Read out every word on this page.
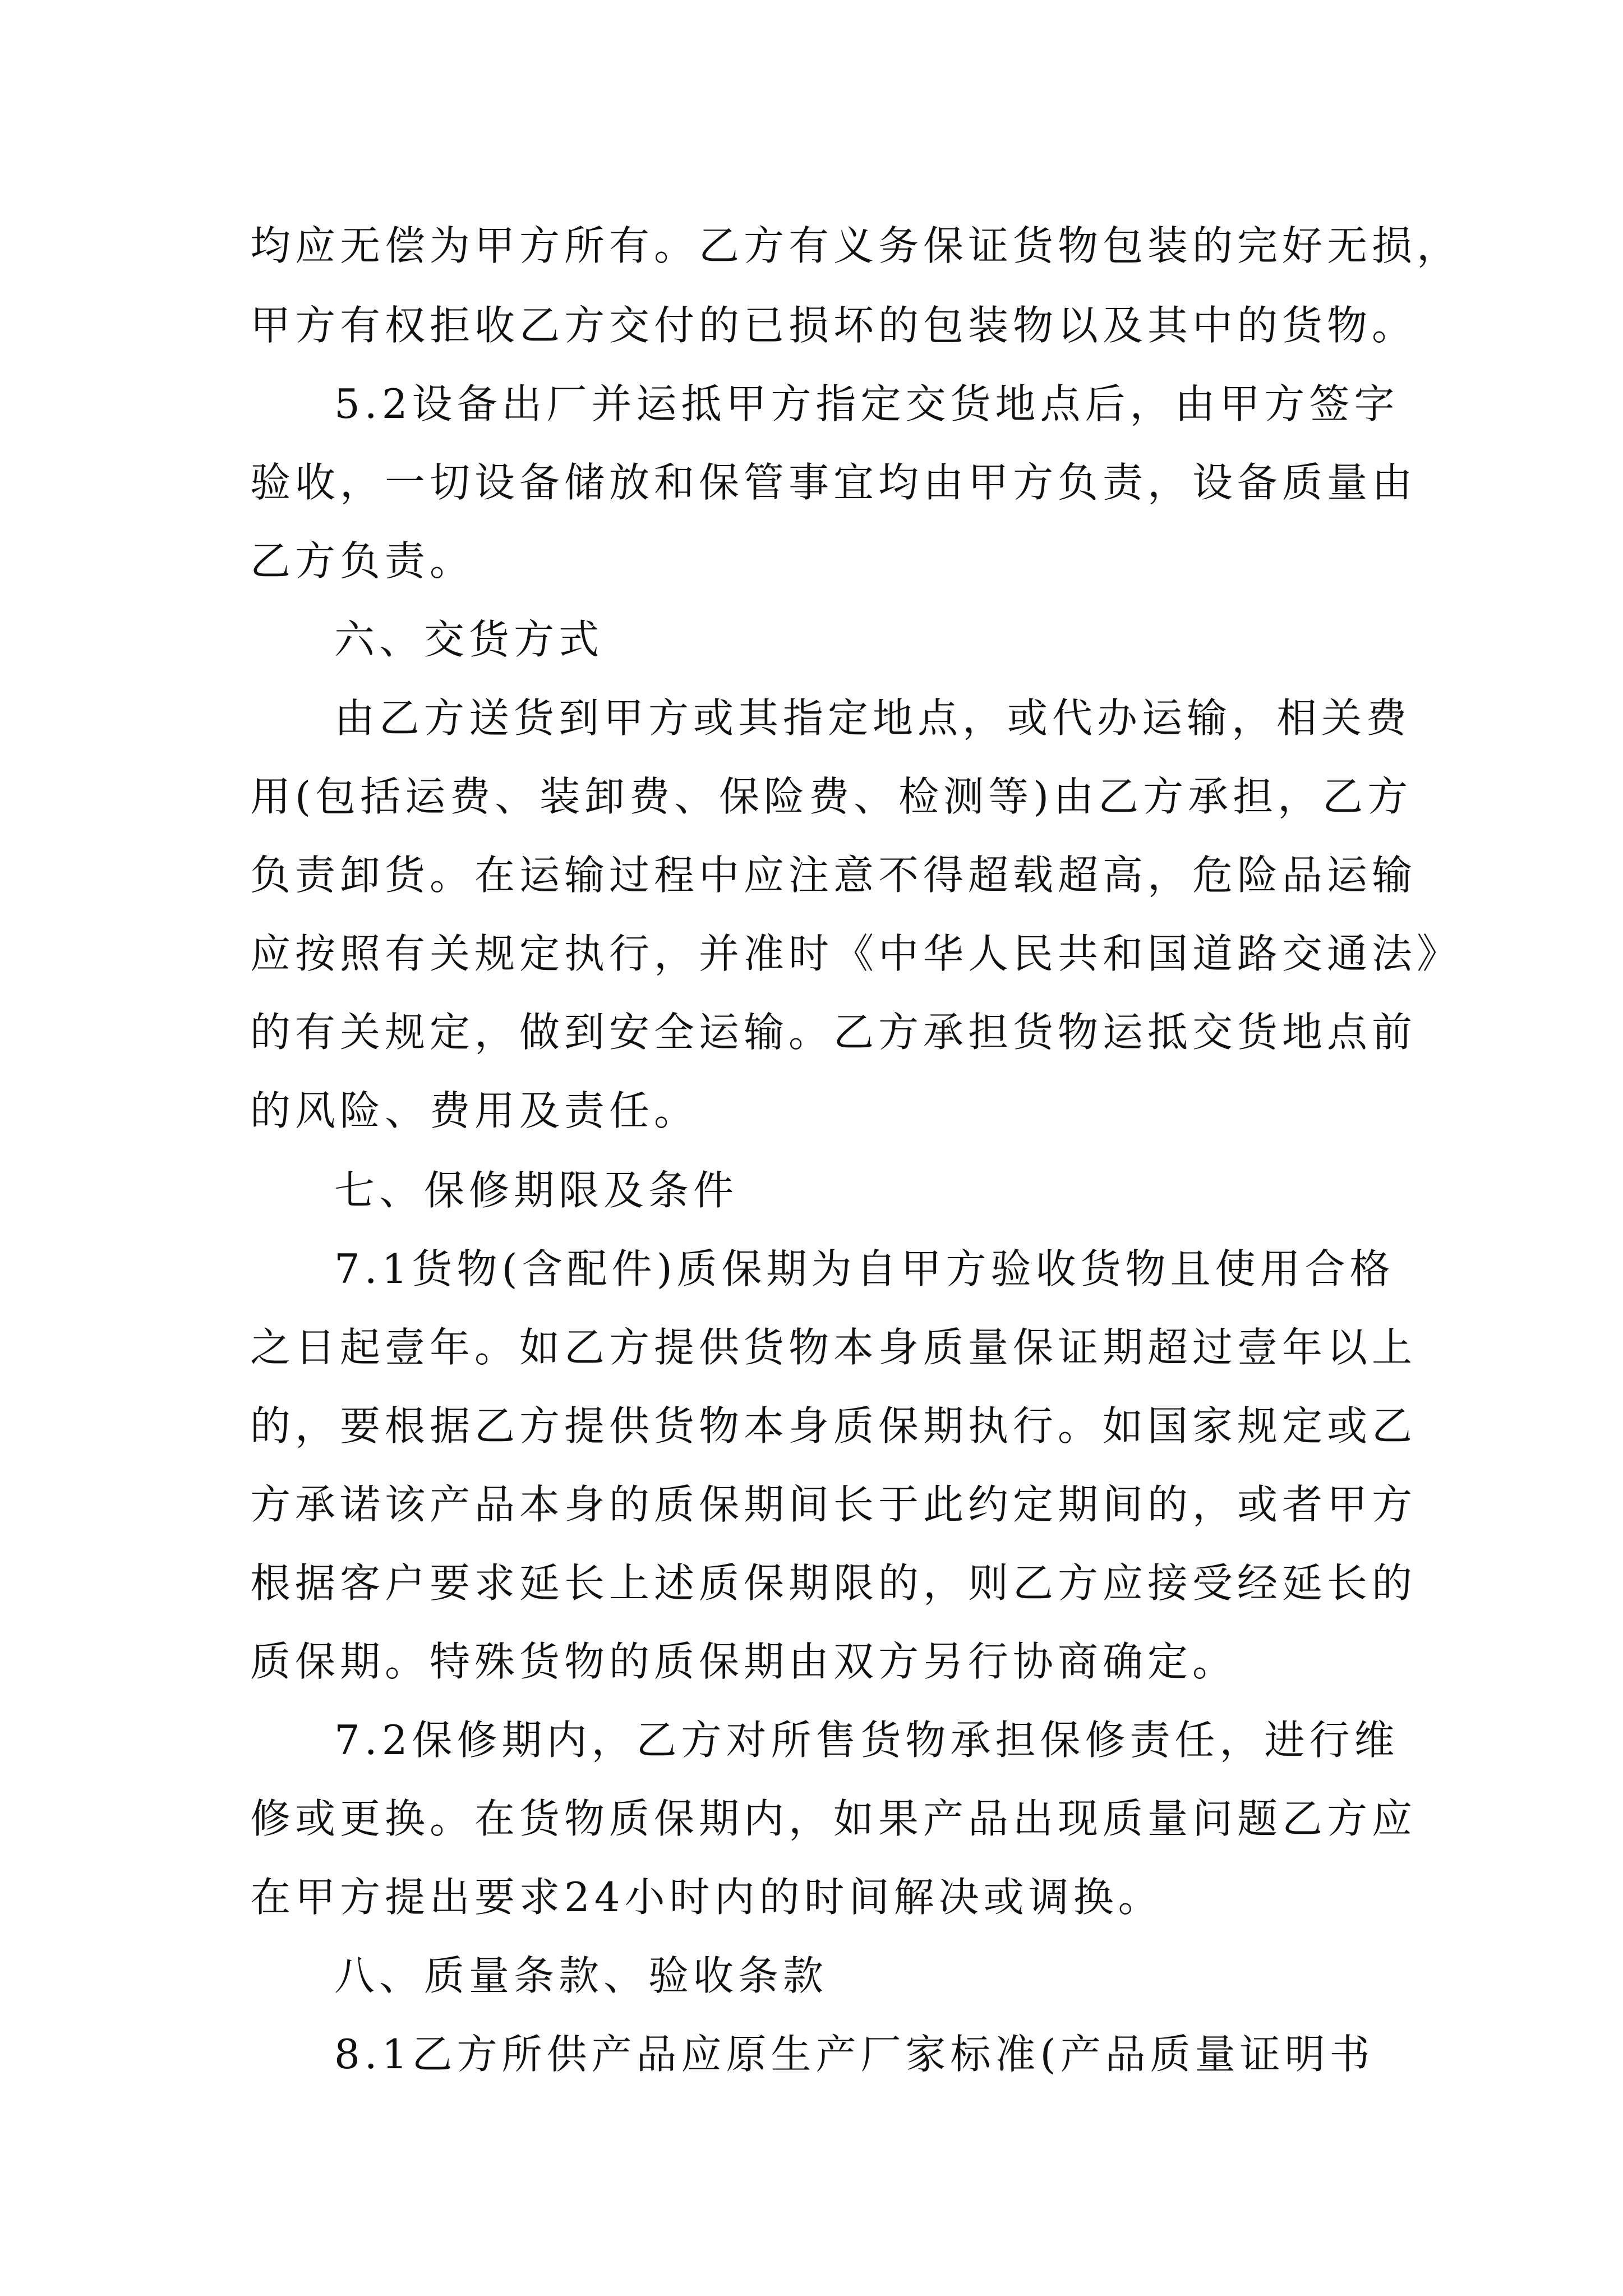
均应无偿为甲方所有。乙方有义务保证货物包装的完好无损，
甲方有权拒收乙方交付的已损坏的包装物以及其中的货物。
5.2设备出厂并运抵甲方指定交货地点后，由甲方签字
验收，一切设备储放和保管事宜均由甲方负责，设备质量由
乙方负责。
六、交货方式
由乙方送货到甲方或其指定地点，或代办运输，相关费
用(包括运费、装卸费、保险费、检测等)由乙方承担，乙方
负责卸货。在运输过程中应注意不得超载超高，危险品运输
应按照有关规定执行，并准时《中华人民共和国道路交通法》
的有关规定，做到安全运输。乙方承担货物运抵交货地点前
的风险、费用及责任。
七、保修期限及条件
7.1货物(含配件)质保期为自甲方验收货物且使用合格
之日起壹年。如乙方提供货物本身质量保证期超过壹年以上
的，要根据乙方提供货物本身质保期执行。如国家规定或乙
方承诺该产品本身的质保期间长于此约定期间的，或者甲方
根据客户要求延长上述质保期限的，则乙方应接受经延长的
质保期。特殊货物的质保期由双方另行协商确定。
7.2保修期内，乙方对所售货物承担保修责任，进行维
修或更换。在货物质保期内，如果产品出现质量问题乙方应
在甲方提出要求24小时内的时间解决或调换。
八、质量条款、验收条款
8.1乙方所供产品应原生产厂家标准(产品质量证明书
